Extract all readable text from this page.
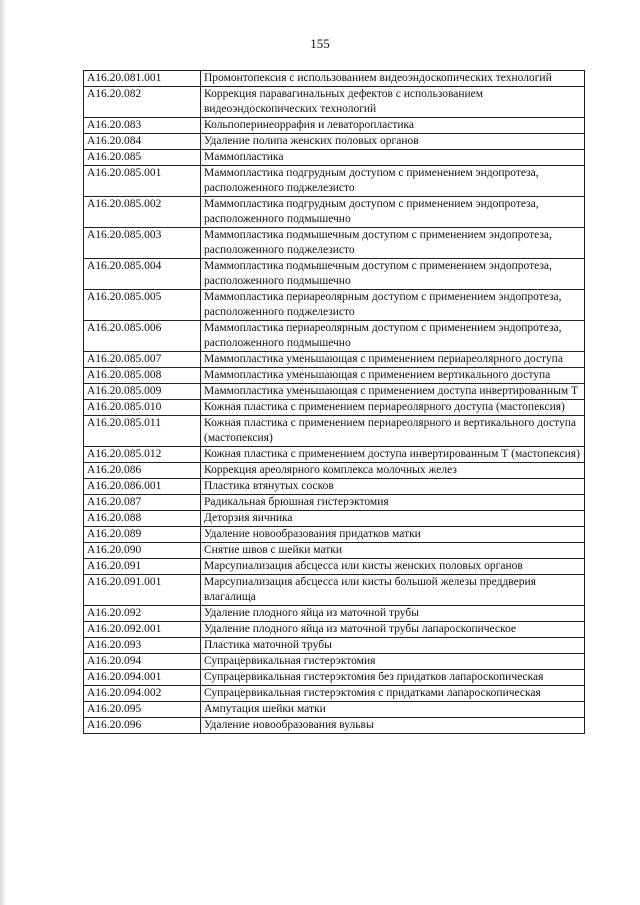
155
A16.20.081.001	Промонтопексия с использованием видеоэндоскопических технологий
A16.20.082	Коррекция паравагинальных дефектов с использованием видеоэндоскопических технологий
A16.20.083	Кольпоперинеоррафия и леваторопластика
A16.20.084	Удаление полипа женских половых органов
A16.20.085	Маммопластика
A16.20.085.001	Маммопластика подгрудным доступом с применением эндопротеза, расположенного поджелезисто
A16.20.085.002	Маммопластика подгрудным доступом с применением эндопротеза, расположенного подмышечно
A16.20.085.003	Маммопластика подмышечным доступом с применением эндопротеза, расположенного поджелезисто
A16.20.085.004	Маммопластика подмышечным доступом с применением эндопротеза, расположенного подмышечно
A16.20.085.005	Маммопластика периареолярным доступом с применением эндопротеза, расположенного поджелезисто
A16.20.085.006	Маммопластика периареолярным доступом с применением эндопротеза, расположенного подмышечно
A16.20.085.007	Маммопластика уменьшающая с применением периареолярного доступа
A16.20.085.008	Маммопластика уменьшающая с применением вертикального доступа
A16.20.085.009	Маммопластика уменьшающая с применением доступа инвертированным Т
A16.20.085.010	Кожная пластика с применением периареолярного доступа (мастопексия)
A16.20.085.011	Кожная пластика с применением периареолярного и вертикального доступа (мастопексия)
A16.20.085.012	Кожная пластика с применением доступа инвертированным Т (мастопексия)
A16.20.086	Коррекция ареолярного комплекса молочных желез
A16.20.086.001	Пластика втянутых сосков
A16.20.087	Радикальная брюшная гистерэктомия
A16.20.088	Деторзия яичника
A16.20.089	Удаление новообразования придатков матки
A16.20.090	Снятие швов с шейки матки
A16.20.091	Марсупиализация абсцесса или кисты женских половых органов
A16.20.091.001	Марсупиализация абсцесса или кисты большой железы преддверия влагалища
A16.20.092	Удаление плодного яйца из маточной трубы
A16.20.092.001	Удаление плодного яйца из маточной трубы лапароскопическое
A16.20.093	Пластика маточной трубы
A16.20.094	Супрацервикальная гистерэктомия
A16.20.094.001	Супрацервикальная гистерэктомия без придатков лапароскопическая
A16.20.094.002	Супрацервикальная гистерэктомия с придатками лапароскопическая
A16.20.095	Ампутация шейки матки
A16.20.096	Удаление новообразования вульвы
